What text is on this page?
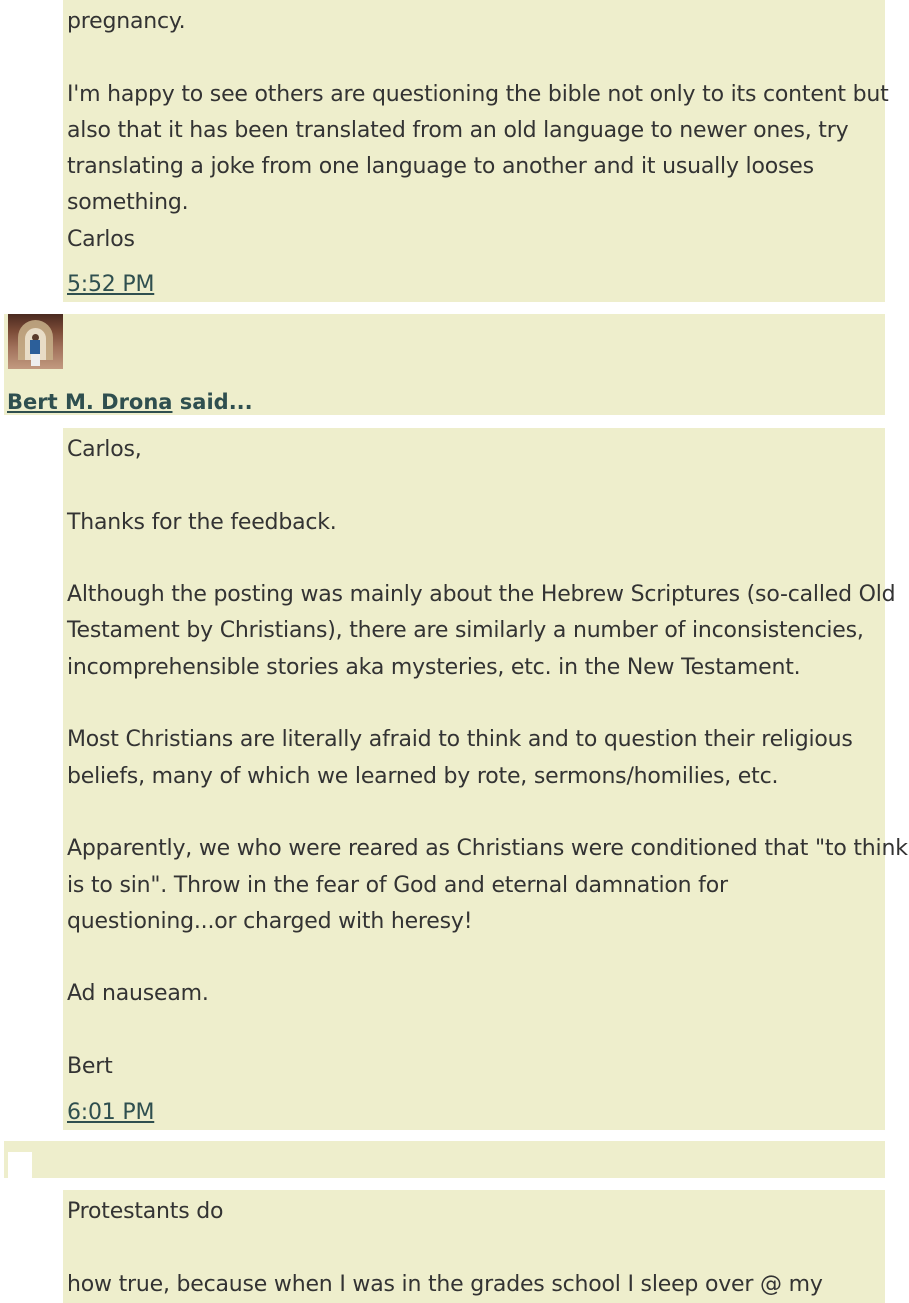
pregnancy.
I'm happy to see others are questioning the bible not only to its content but
also that it has been translated from an old language to newer ones, try
translating a joke from one language to another and it usually looses
something.
Carlos
5:52 PM
Bert M. Drona said...
Carlos,
Thanks for the feedback.
Although the posting was mainly about the Hebrew Scriptures (so-called Old
Testament by Christians), there are similarly a number of inconsistencies,
incomprehensible stories aka mysteries, etc. in the New Testament.
Most Christians are literally afraid to think and to question their religious
beliefs, many of which we learned by rote, sermons/homilies, etc.
Apparently, we who were reared as Christians were conditioned that "to think
is to sin". Throw in the fear of God and eternal damnation for
questioning...or charged with heresy!
Ad nauseam.
Bert
6:01 PM
Protestants do
how true, because when I was in the grades school I sleep over @ my
